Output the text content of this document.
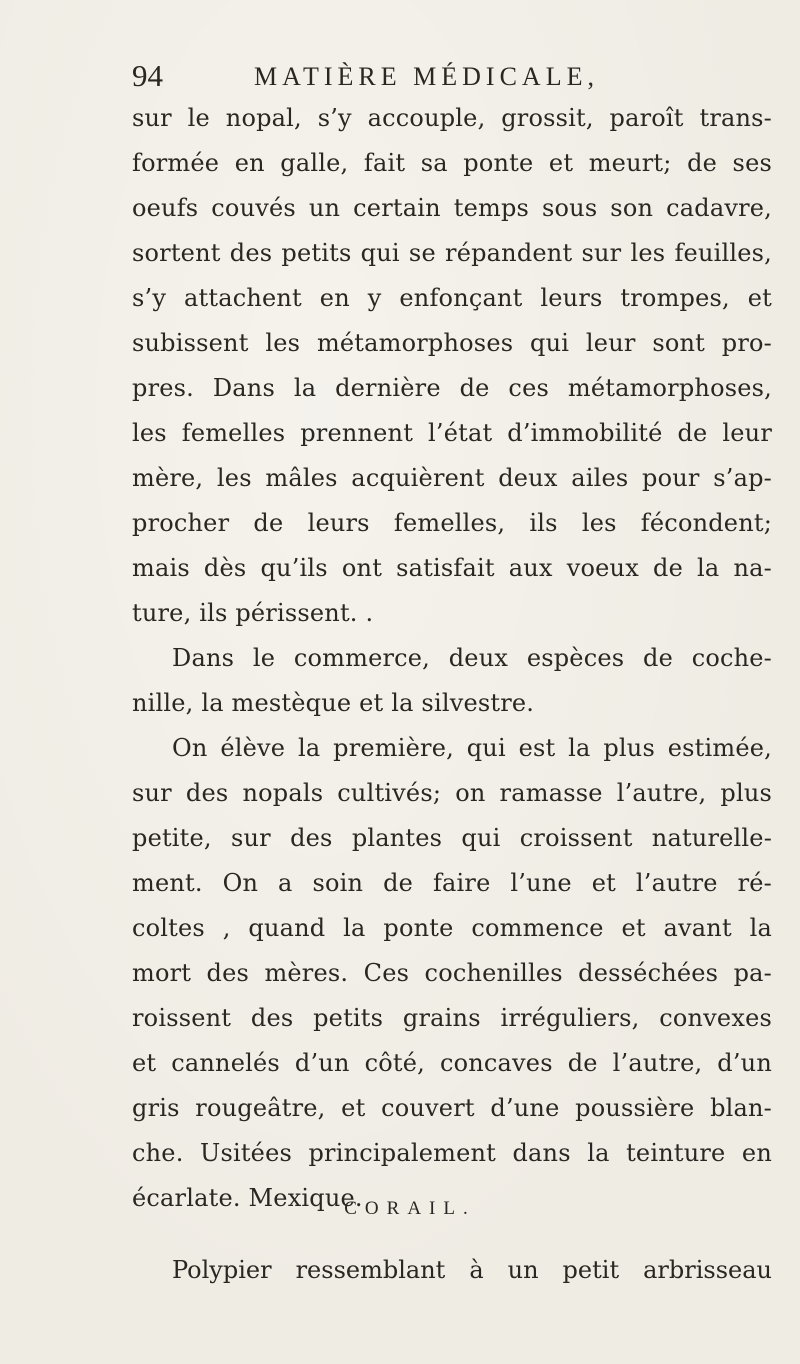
94	MATIÈRE MÉDICALE,
sur le nopal, s’y accouple, grossit, paroît trans-
formée en galle, fait sa ponte et meurt; de ses
oeufs couvés un certain temps sous son cadavre,
sortent des petits qui se répandent sur les feuilles,
s’y attachent en y enfonçant leurs trompes, et
subissent les métamorphoses qui leur sont pro-
pres. Dans la dernière de ces métamorphoses,
les femelles prennent l’état d’immobilité de leur
mère, les mâles acquièrent deux ailes pour s’ap-
procher de leurs femelles, ils les fécondent;
mais dès qu’ils ont satisfait aux voeux de la na-
ture, ils périssent. .
Dans le commerce, deux espèces de coche-
nille, la mestèque et la silvestre.
On élève la première, qui est la plus estimée,
sur des nopals cultivés; on ramasse l’autre, plus
petite, sur des plantes qui croissent naturelle-
ment. On a soin de faire l’une et l’autre ré-
coltes , quand la ponte commence et avant la
mort des mères. Ces cochenilles desséchées pa-
roissent des petits grains irréguliers, convexes
et cannelés d’un côté, concaves de l’autre, d’un
gris rougeâtre, et couvert d’une poussière blan-
che. Usitées principalement dans la teinture en
écarlate. Mexique.
CORAIL.
Polypier ressemblant à un petit arbrisseau
